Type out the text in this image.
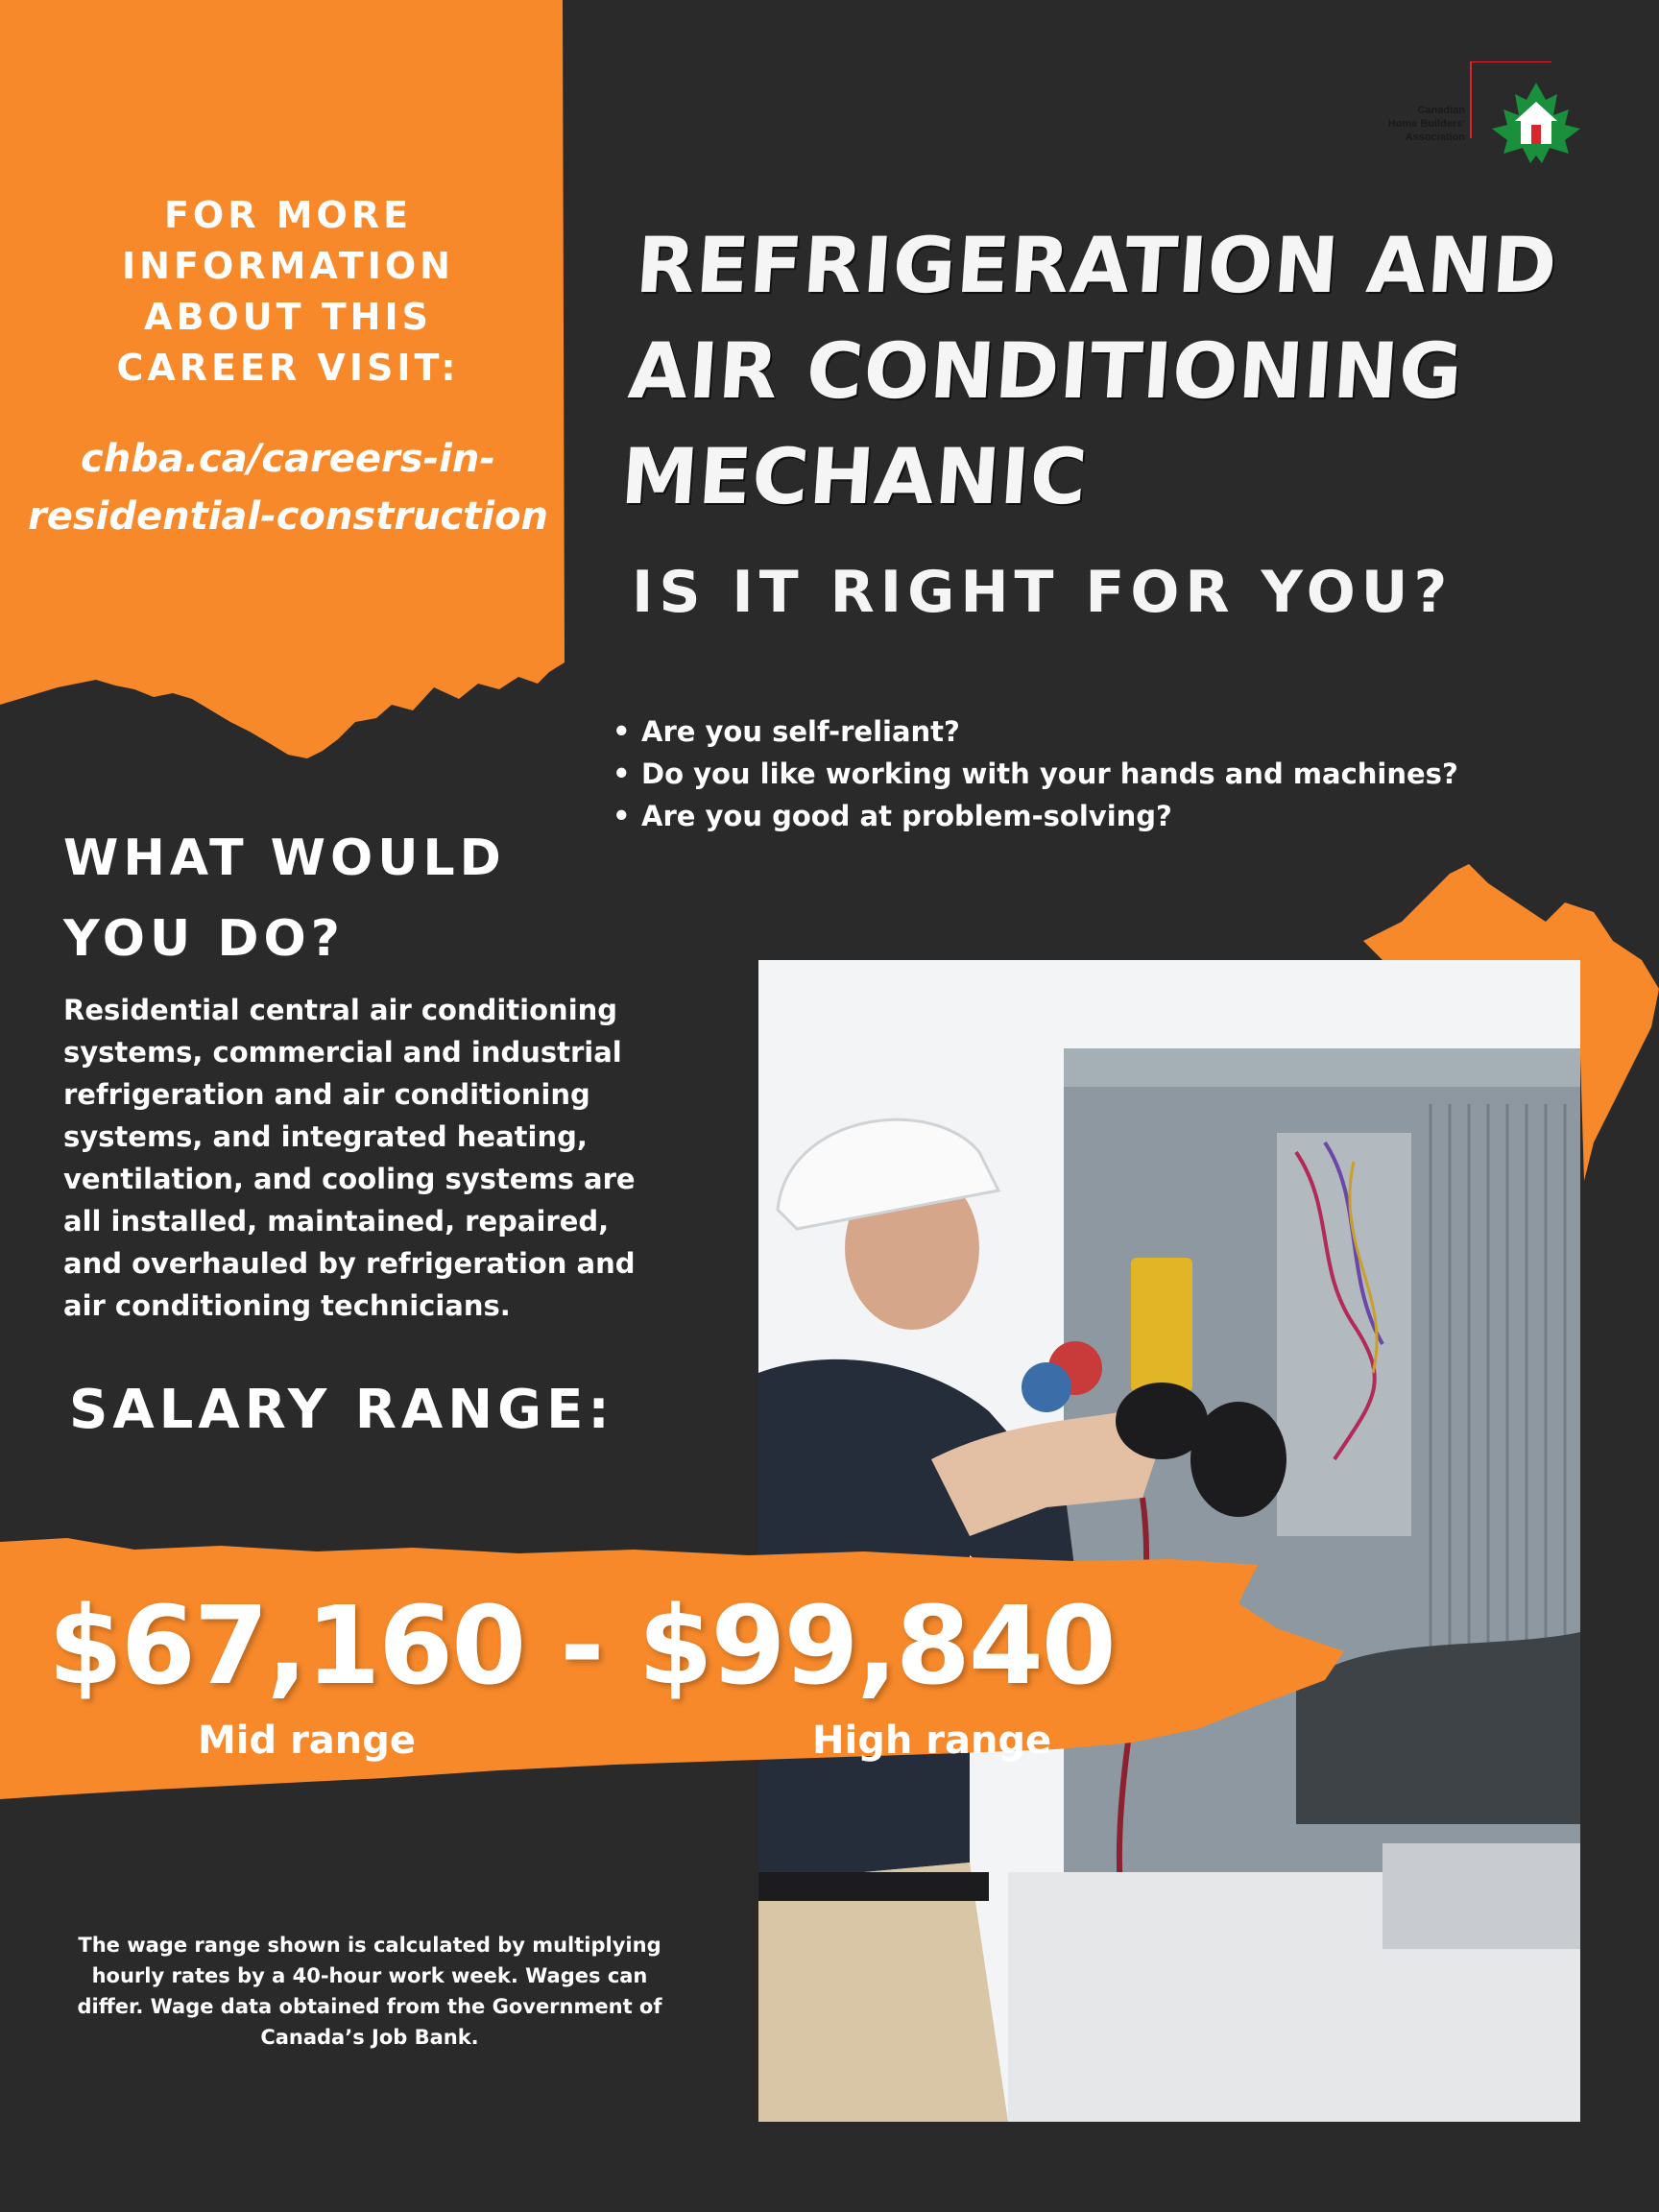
FOR MORE
INFORMATION
ABOUT THIS
CAREER VISIT:
chba.ca/careers-in-residential-construction
Canadian
Home Builders'
Association
REFRIGERATION AND
AIR CONDITIONING
MECHANIC
IS IT RIGHT FOR YOU?
• Are you self-reliant?
• Do you like working with your hands and machines?
• Are you good at problem-solving?
WHAT WOULD
YOU DO?
Residential central air conditioning systems, commercial and industrial refrigeration and air conditioning systems, and integrated heating, ventilation, and cooling systems are all installed, maintained, repaired, and overhauled by refrigeration and air conditioning technicians.
SALARY RANGE:
$67,160 - $99,840
Mid range	High range
The wage range shown is calculated by multiplying hourly rates by a 40-hour work week. Wages can differ. Wage data obtained from the Government of Canada’s Job Bank.
